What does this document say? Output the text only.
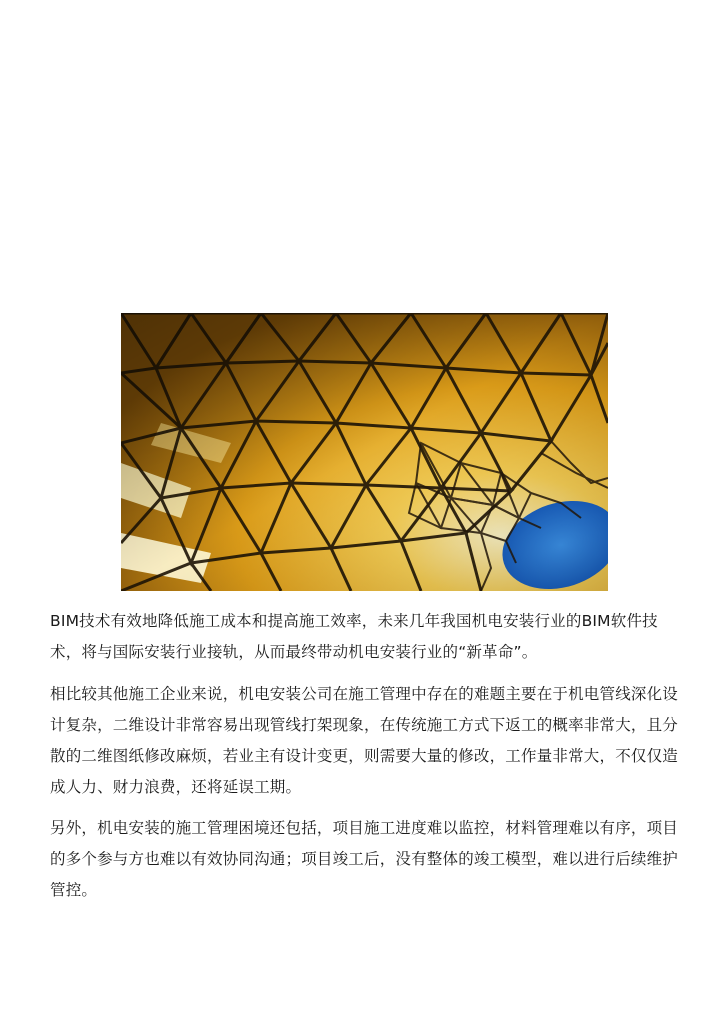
BIM技术有效地降低施工成本和提高施工效率，未来几年我国机电安装行业的BIM软件技
术，将与国际安装行业接轨，从而最终带动机电安装行业的“新革命”。
相比较其他施工企业来说，机电安装公司在施工管理中存在的难题主要在于机电管线深化设
计复杂，二维设计非常容易出现管线打架现象，在传统施工方式下返工的概率非常大，且分
散的二维图纸修改麻烦，若业主有设计变更，则需要大量的修改，工作量非常大，不仅仅造
成人力、财力浪费，还将延误工期。
另外，机电安装的施工管理困境还包括，项目施工进度难以监控，材料管理难以有序，项目
的多个参与方也难以有效协同沟通；项目竣工后，没有整体的竣工模型，难以进行后续维护
管控。
